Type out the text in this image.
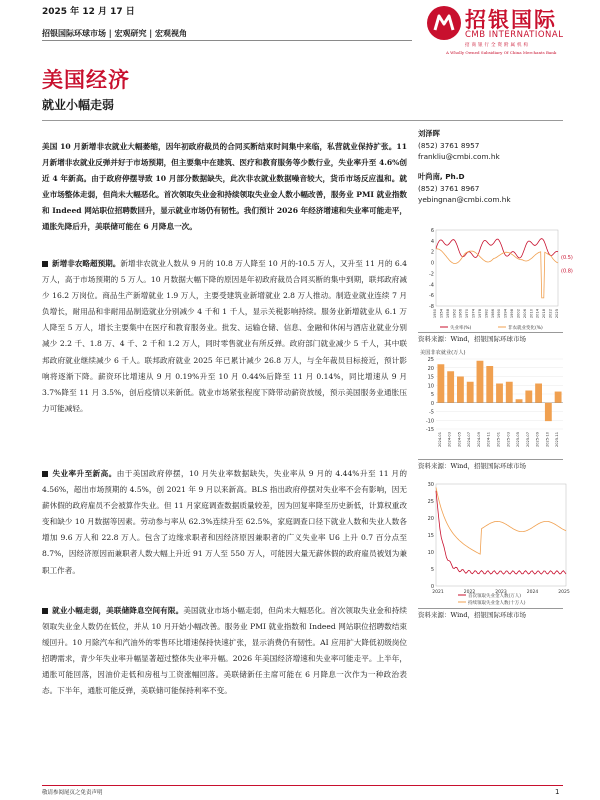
2025 年 12 月 17 日
招银国际环球市场 | 宏观研究 | 宏观视角
招银国际
CMB INTERNATIONAL
招商银行全资附属机构
A Wholly Owned Subsidiary Of China Merchants Bank
美国经济
就业小幅走弱

美国 10 月新增非农就业大幅萎缩，因年初政府裁员的合同买断结束时间集中来临，私营就业保持扩张。11 月新增非农就业反弹并好于市场预期，但主要集中在建筑、医疗和教育服务等少数行业，失业率升至 4.6%创近 4 年新高。由于政府停摆导致 10 月部分数据缺失，此次非农就业数据噪音较大，货币市场反应温和。就业市场整体走弱，但尚未大幅恶化。首次领取失业金和持续领取失业金人数小幅改善，服务业 PMI 就业指数和 Indeed 网站职位招聘数回升，显示就业市场仍有韧性。我们预计 2026 年经济增速和失业率可能走平，通胀先降后升，美联储可能在 6 月降息一次。

新增非农略超预期。新增非农就业人数从 9 月的 10.8 万人降至 10 月的-10.5 万人，又升至 11 月的 6.4 万人，高于市场预期的 5 万人。10 月数据大幅下降的原因是年初政府裁员合同买断的集中到期，联邦政府减少 16.2 万岗位。商品生产新增就业 1.9 万人，主要受建筑业新增就业 2.8 万人推动。制造业就业连续 7 月负增长，耐用品和非耐用品制造就业分别减少 4 千和 1 千人，显示关税影响持续。服务业新增就业从 6.1 万人降至 5 万人，增长主要集中在医疗和教育服务业。批发、运输仓储、信息、金融和休闲与酒店业就业分别减少 2.2 千、1.8 万、4 千、2 千和 1.2 万人，同时零售就业有所反弹。政府部门就业减少 5 千人，其中联邦政府就业继续减少 6 千人。联邦政府就业 2025 年已累计减少 26.8 万人，与全年裁员目标接近，预计影响将逐渐下降。薪资环比增速从 9 月 0.19%升至 10 月 0.44%后降至 11 月 0.14%，同比增速从 9 月 3.7%降至 11 月 3.5%，创后疫情以来新低。就业市场紧张程度下降带动薪资放缓，预示美国服务业通胀压力可能减轻。

失业率升至新高。由于美国政府停摆，10 月失业率数据缺失，失业率从 9 月的 4.44%升至 11 月的 4.56%，超出市场预期的 4.5%，创 2021 年 9 月以来新高。BLS 指出政府停摆对失业率不会有影响，因无薪休假的政府雇员不会被算作失业。但 11 月家庭调查数据质量较差，因为回复率降至历史新低，计算权重改变和缺少 10 月数据等因素。劳动参与率从 62.3%连续升至 62.5%，家庭调查口径下就业人数和失业人数各增加 9.6 万人和 22.8 万人。包含了边缘求职者和因经济原因兼职者的广义失业率 U6 上升 0.7 百分点至 8.7%，因经济原因而兼职者人数大幅上升近 91 万人至 550 万人，可能因大量无薪休假的政府雇员被划为兼职工作者。

就业小幅走弱，美联储降息空间有限。美国就业市场小幅走弱，但尚未大幅恶化。首次领取失业金和持续领取失业金人数仍在低位，并从 10 月开始小幅改善。服务业 PMI 就业指数和 Indeed 网站职位招聘数结束缓回升。10 月除汽车和汽油外的零售环比增速保持快速扩张，显示消费仍有韧性。AI 应用扩大降低初级岗位招聘需求，青少年失业率升幅显著超过整体失业率升幅。2026 年美国经济增速和失业率可能走平。上半年，通胀可能回落，因油价走低和房租与工资涨幅回落。美联储新任主席可能在 6 月降息一次作为一种政治表态。下半年，通胀可能反弹，美联储可能保持利率不变。

刘泽晖
(852) 3761 8957
frankliu@cmbi.com.hk
叶尚南, Ph.D
(852) 3761 8967
yebingnan@cmbi.com.hk
6
4
2
0
-2
-4
-6
-8
1950 1954 1958 1962 1966 1970 1974 1978 1982 1986 1990 1994 1998 2002 2006 2010 2014 2018 2022 2025
(0.5)
(0.8)
失业率(%)	非农就业变化(%)
资料来源：Wind，招银国际环球市场
美国非农就业(万人)
25
20
15
10
5
0
-5
-10
-15
2024-01 2024-03 2024-05 2024-07 2024-09 2024-11 2025-01 2025-03 2025-05 2025-07 2025-09 2025-10 2025-11
资料来源：Wind，招银国际环球市场
30
25
20
15
10
5
0
2021	2022	2023	2024	2025
首次领取失业金人数(万人)
持续领取失业金人数(十万人)
资料来源：Wind，招银国际环球市场
敬请参阅尾页之免责声明	1
